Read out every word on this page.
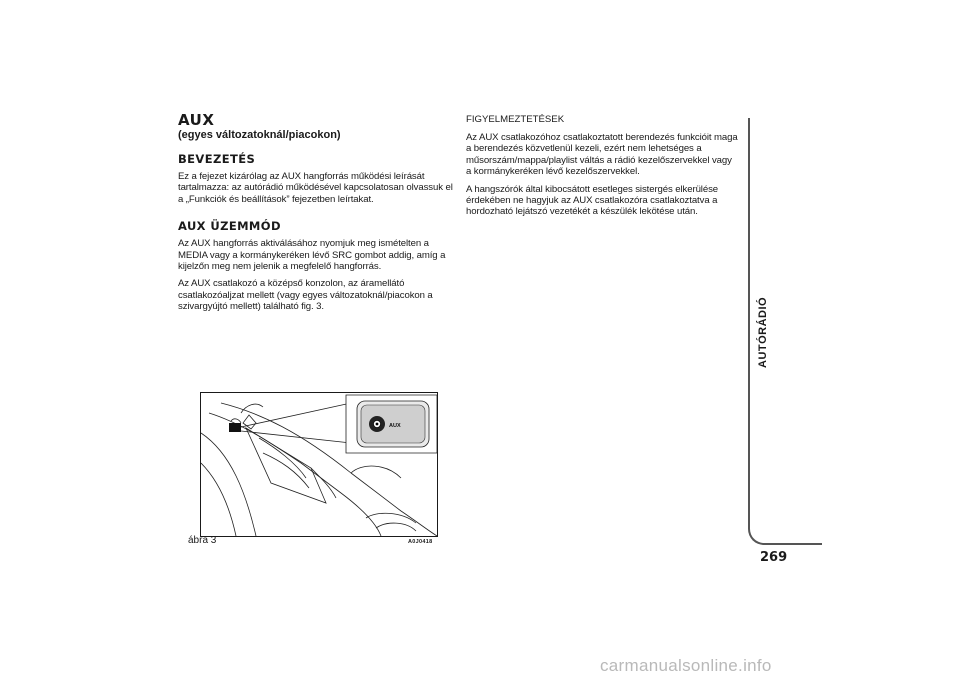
AUX
(egyes változatoknál/piacokon)
BEVEZETÉS

Ez a fejezet kizárólag az AUX hangforrás működési leírását tartalmazza: az autórádió működésével kapcsolatosan olvassuk el a „Funkciók és beállítások” fejezetben leírtakat.

AUX ÜZEMMÓD

Az AUX hangforrás aktiválásához nyomjuk meg ismételten a MEDIA vagy a kormánykeréken lévő SRC gombot addig, amíg a kijelzőn meg nem jelenik a megfelelő hangforrás.

Az AUX csatlakozó a középső konzolon, az áramellátó csatlakozóaljzat mellett (vagy egyes változatoknál/piacokon a szivargyújtó mellett) található fig. 3.

FIGYELMEZTETÉSEK

Az AUX csatlakozóhoz csatlakoztatott berendezés funkcióit maga a berendezés közvetlenül kezeli, ezért nem lehetséges a műsorszám/mappa/playlist váltás a rádió kezelőszervekkel vagy a kormánykeréken lévő kezelőszervekkel.

A hangszórók által kibocsátott esetleges sistergés elkerülése érdekében ne hagyjuk az AUX csatlakozóra csatlakoztatva a hordozható lejátszó vezetékét a készülék lekötése után.

AUX
ábra 3	A0J0418
AUTÓRÁDIÓ
269
carmanualsonline.info
